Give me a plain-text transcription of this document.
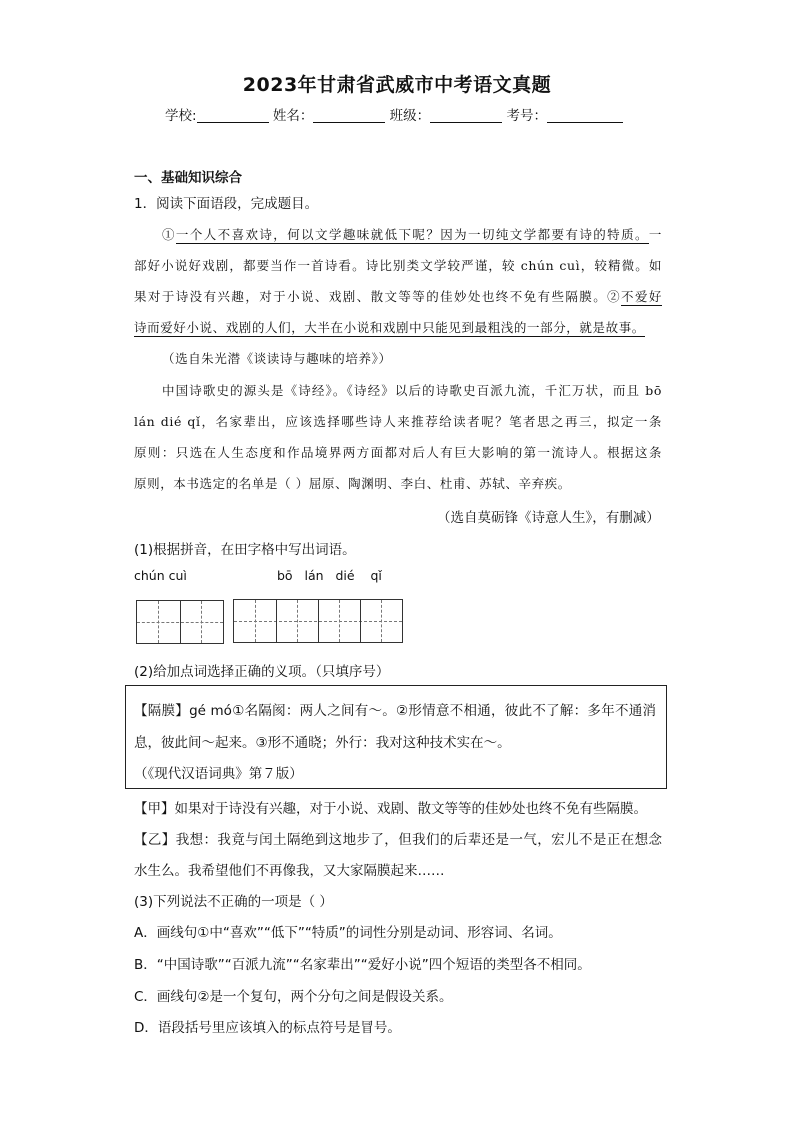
2023年甘肃省武威市中考语文真题
学校:	姓名：	班级：	考号：
一、基础知识综合
1．阅读下面语段，完成题目。
①一个人不喜欢诗，何以文学趣味就低下呢？因为一切纯文学都要有诗的特质。一
部好小说好戏剧，都要当作一首诗看。诗比别类文学较严谨，较 chún cuì，较精微。如
果对于诗没有兴趣，对于小说、戏剧、散文等等的佳妙处也终不免有些隔膜。②不爱好
诗而爱好小说、戏剧的人们，大半在小说和戏剧中只能见到最粗浅的一部分，就是故事。
（选自朱光潜《谈读诗与趣味的培养》）
中国诗歌史的源头是《诗经》。《诗经》以后的诗歌史百派九流，千汇万状，而且 bō
lán dié qǐ，名家辈出，应该选择哪些诗人来推荐给读者呢？笔者思之再三，拟定一条
原则：只选在人生态度和作品境界两方面都对后人有巨大影响的第一流诗人。根据这条
原则，本书选定的名单是（ ）屈原、陶渊明、李白、杜甫、苏轼、辛弃疾。
（选自莫砺锋《诗意人生》，有删减）
(1)根据拼音，在田字格中写出词语。
chún cuì	bō   lán   dié    qǐ
(2)给加点词选择正确的义项。（只填序号）
【隔膜】gé mó①名隔阂：两人之间有～。②形情意不相通，彼此不了解：多年不通消
息，彼此间～起来。③形不通晓；外行：我对这种技术实在～。
（《现代汉语词典》第７版）
【甲】如果对于诗没有兴趣，对于小说、戏剧、散文等等的佳妙处也终不免有些隔膜。
【乙】我想：我竟与闰土隔绝到这地步了，但我们的后辈还是一气，宏儿不是正在想念
水生么。我希望他们不再像我，又大家隔膜起来……
(3)下列说法不正确的一项是（ ）
A．画线句①中“喜欢”“低下”“特质”的词性分别是动词、形容词、名词。
B．“中国诗歌”“百派九流”“名家辈出”“爱好小说”四个短语的类型各不相同。
C．画线句②是一个复句，两个分句之间是假设关系。
D．语段括号里应该填入的标点符号是冒号。
